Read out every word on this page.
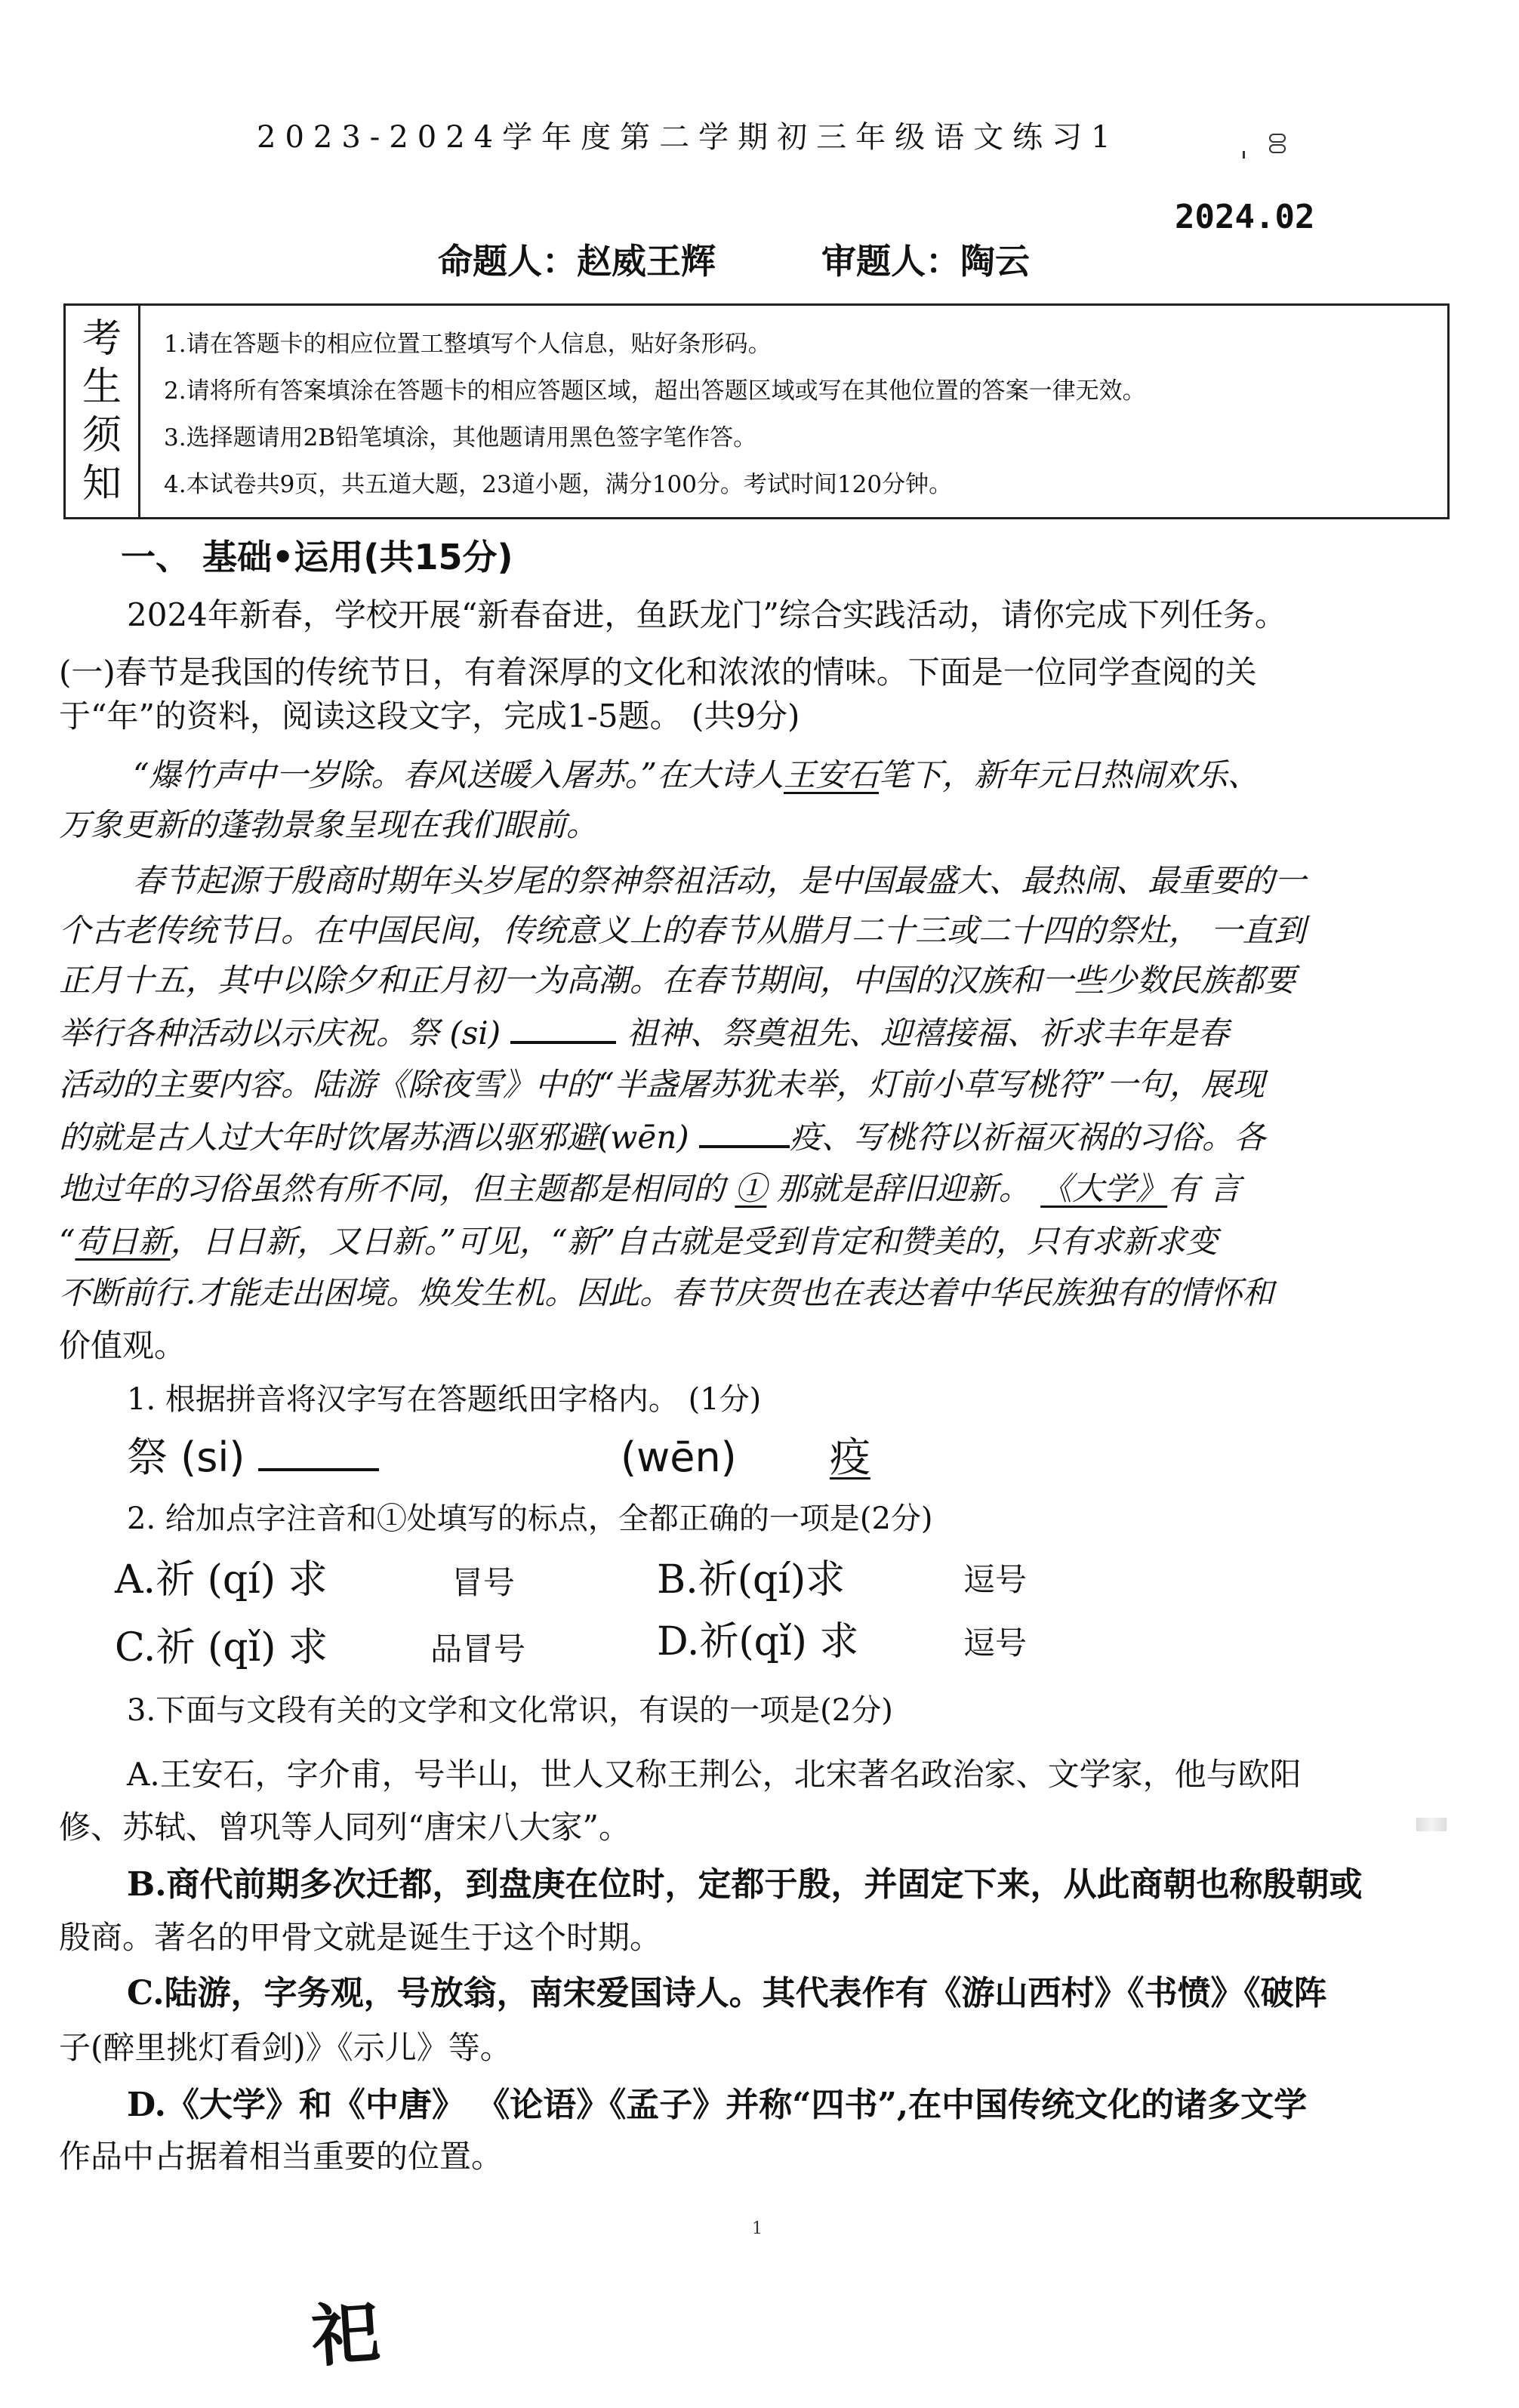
2023-2024学年度第二学期初三年级语文练习1
2024.02
命题人：赵威王辉	审题人：陶云
考
生
须
知
1.请在答题卡的相应位置工整填写个人信息，贴好条形码。
2.请将所有答案填涂在答题卡的相应答题区域，超出答题区域或写在其他位置的答案一律无效。
3.选择题请用2B铅笔填涂，其他题请用黑色签字笔作答。
4.本试卷共9页，共五道大题，23道小题，满分100分。考试时间120分钟。
一、 基础•运用(共15分)
2024年新春，学校开展“新春奋进，鱼跃龙门”综合实践活动，请你完成下列任务。
(一)春节是我国的传统节日，有着深厚的文化和浓浓的情味。下面是一位同学查阅的关
于“年”的资料，阅读这段文字，完成1-5题。 (共9分)
“爆竹声中一岁除。春风送暖入屠苏。”在大诗人王安石笔下，新年元日热闹欢乐、
万象更新的蓬勃景象呈现在我们眼前。
春节起源于殷商时期年头岁尾的祭神祭祖活动，是中国最盛大、最热闹、最重要的一
个古老传统节日。在中国民间，传统意义上的春节从腊月二十三或二十四的祭灶， 一直到
正月十五，其中以除夕和正月初一为高潮。在春节期间，中国的汉族和一些少数民族都要
举行各种活动以示庆祝。祭 (si)	祖神、祭奠祖先、迎禧接福、祈求丰年是春
活动的主要内容。陆游《除夜雪》中的“半盏屠苏犹未举，灯前小草写桃符”一句，展现
的就是古人过大年时饮屠苏酒以驱邪避(wēn)	疫、写桃符以祈福灭祸的习俗。各
地过年的习俗虽然有所不同，但主题都是相同的 ① 那就是辞旧迎新。 《大学》有 言
“苟日新，日日新，又日新。”可见，“新”自古就是受到肯定和赞美的，只有求新求变
不断前行.才能走出困境。焕发生机。因此。春节庆贺也在表达着中华民族独有的情怀和
价值观。
1. 根据拼音将汉字写在答题纸田字格内。 (1分)
祭 (si)	(wēn) 疫
2. 给加点字注音和①处填写的标点，全都正确的一项是(2分)
A.祈 (qí) 求	冒号	B.祈(qí)求	逗号
C.祈 (qǐ) 求	品冒号	D.祈(qǐ) 求	逗号
3.下面与文段有关的文学和文化常识，有误的一项是(2分)
A.王安石，字介甫，号半山，世人又称王荆公，北宋著名政治家、文学家，他与欧阳
修、苏轼、曾巩等人同列“唐宋八大家”。
B.商代前期多次迁都，到盘庚在位时，定都于殷，并固定下来，从此商朝也称殷朝或
殷商。著名的甲骨文就是诞生于这个时期。
C.陆游，字务观，号放翁，南宋爱国诗人。其代表作有《游山西村》《书愤》《破阵
子(醉里挑灯看剑)》《示儿》等。
D.《大学》和《中唐》 《论语》《孟子》并称“四书”,在中国传统文化的诸多文学
作品中占据着相当重要的位置。
1
祀
